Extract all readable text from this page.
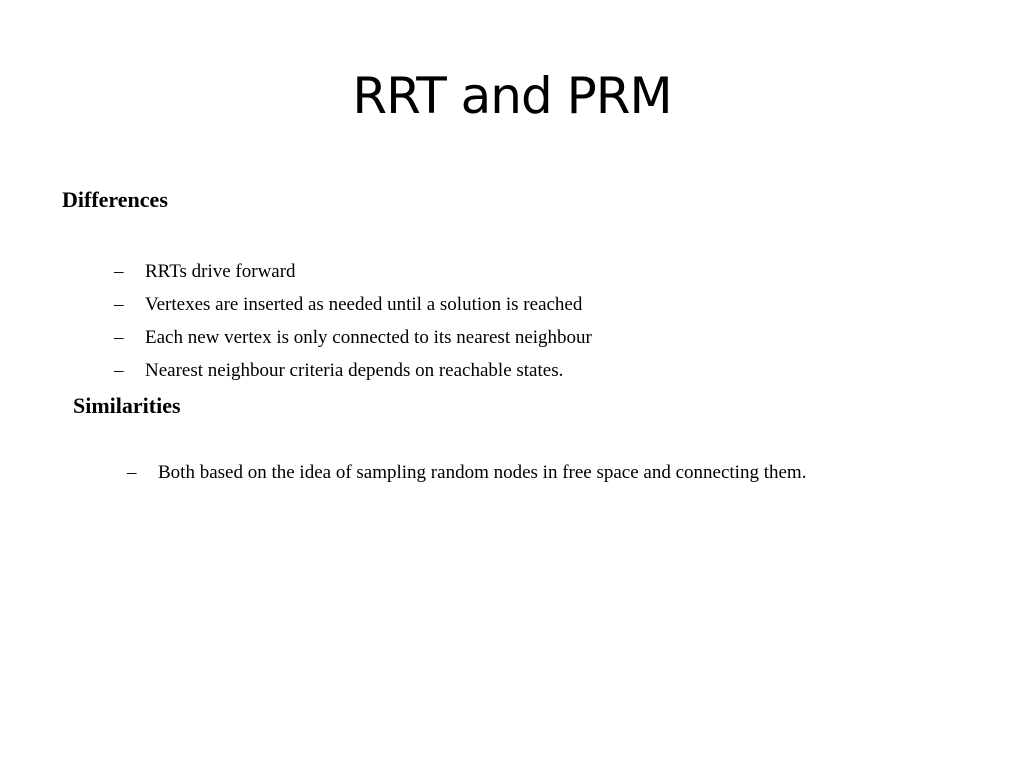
RRT and PRM
Differences
– RRTs drive forward
– Vertexes are inserted as needed until a solution is reached
– Each new vertex is only connected to its nearest neighbour
– Nearest neighbour criteria depends on reachable states.
Similarities
– Both based on the idea of sampling random nodes in free space and connecting them.
